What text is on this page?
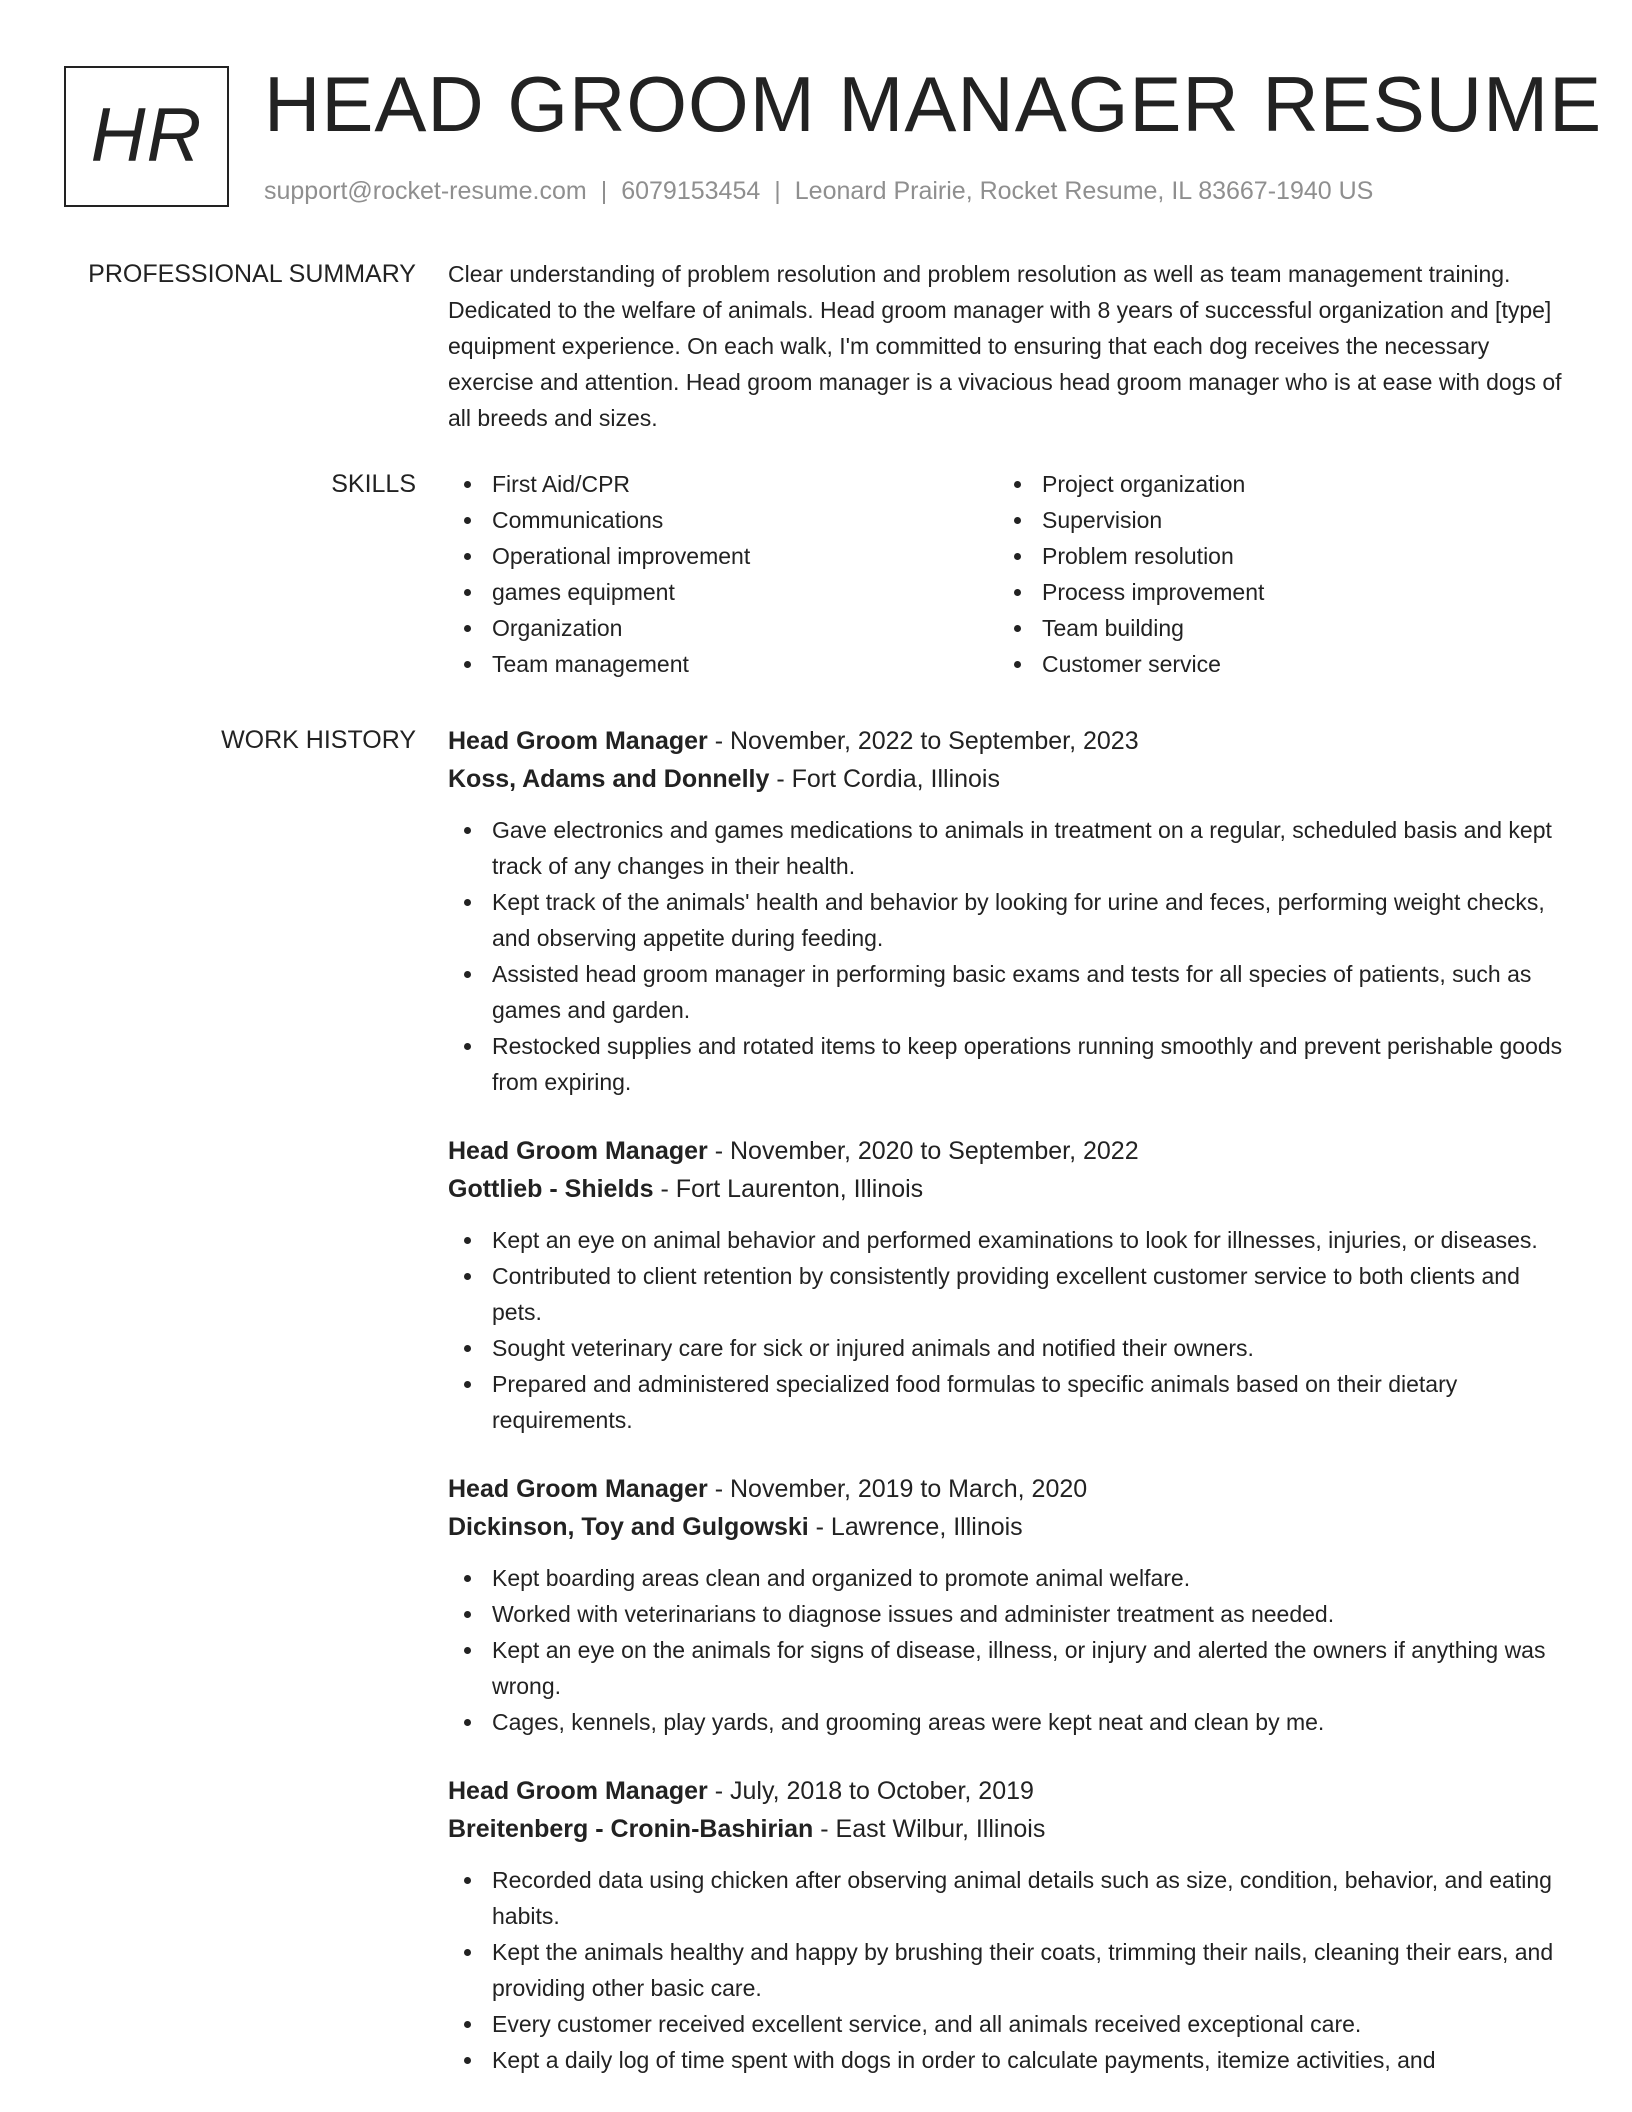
HR HEAD GROOM MANAGER RESUME
support@rocket-resume.com | 6079153454 | Leonard Prairie, Rocket Resume, IL 83667-1940 US
PROFESSIONAL SUMMARY Clear understanding of problem resolution and problem resolution as well as team management training. Dedicated to the welfare of animals. Head groom manager with 8 years of successful organization and [type] equipment experience. On each walk, I'm committed to ensuring that each dog receives the necessary exercise and attention. Head groom manager is a vivacious head groom manager who is at ease with dogs of all breeds and sizes.

SKILLS	First Aid/CPR
Communications
Operational improvement
games equipment
Organization
Team management
Project organization
Supervision
Problem resolution
Process improvement
Team building
Customer service
WORK HISTORY Head Groom Manager - November, 2022 to September, 2023
Koss, Adams and Donnelly - Fort Cordia, Illinois
Gave electronics and games medications to animals in treatment on a regular, scheduled basis and kept track of any changes in their health.
Kept track of the animals' health and behavior by looking for urine and feces, performing weight checks, and observing appetite during feeding.
Assisted head groom manager in performing basic exams and tests for all species of patients, such as games and garden.
Restocked supplies and rotated items to keep operations running smoothly and prevent perishable goods from expiring.
Head Groom Manager - November, 2020 to September, 2022
Gottlieb - Shields - Fort Laurenton, Illinois
Kept an eye on animal behavior and performed examinations to look for illnesses, injuries, or diseases.
Contributed to client retention by consistently providing excellent customer service to both clients and pets.
Sought veterinary care for sick or injured animals and notified their owners.
Prepared and administered specialized food formulas to specific animals based on their dietary requirements.
Head Groom Manager - November, 2019 to March, 2020
Dickinson, Toy and Gulgowski - Lawrence, Illinois
Kept boarding areas clean and organized to promote animal welfare.
Worked with veterinarians to diagnose issues and administer treatment as needed.
Kept an eye on the animals for signs of disease, illness, or injury and alerted the owners if anything was wrong.
Cages, kennels, play yards, and grooming areas were kept neat and clean by me.
Head Groom Manager - July, 2018 to October, 2019
Breitenberg - Cronin-Bashirian - East Wilbur, Illinois
Recorded data using chicken after observing animal details such as size, condition, behavior, and eating habits.
Kept the animals healthy and happy by brushing their coats, trimming their nails, cleaning their ears, and providing other basic care.
Every customer received excellent service, and all animals received exceptional care.
Kept a daily log of time spent with dogs in order to calculate payments, itemize activities, and
